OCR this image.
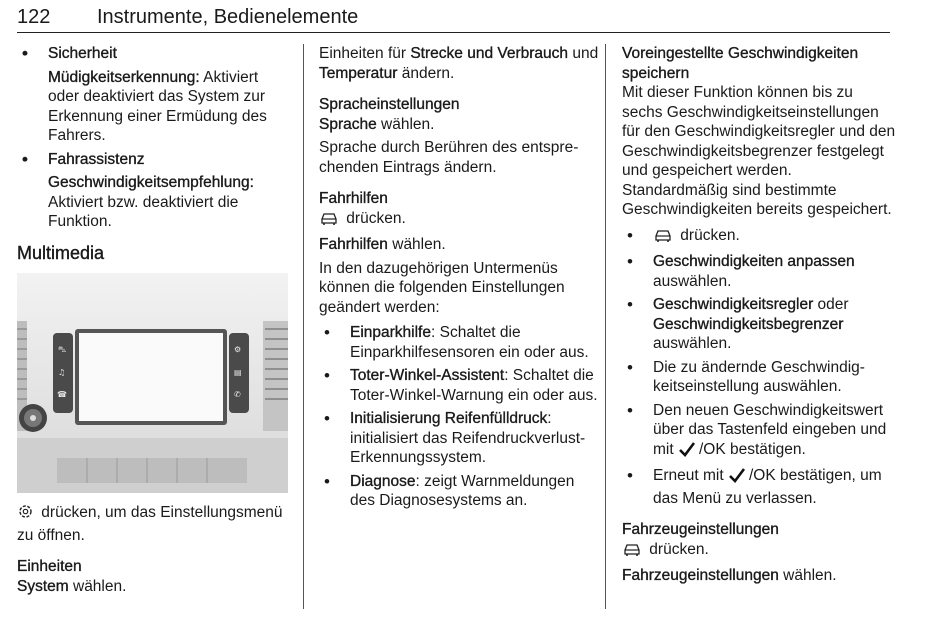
122 Instrumente, Bedienelemente

• Sicherheit

Müdigkeitserkennung: Aktiviert oder deaktiviert das System zur Erkennung einer Ermüdung des Fahrers.

• Fahrassistenz

Geschwindigkeitsempfehlung: Aktiviert bzw. deaktiviert die Funktion.

Multimedia

⛍
♫
☎
⚙
▤
✆

drücken, um das Einstellungsmenü zu öffnen.

Einheiten

System wählen.

Einheiten für Strecke und Verbrauch und Temperatur ändern.

Spracheinstellungen

Sprache wählen.

Sprache durch Berühren des entsprechenden Eintrags ändern.

Fahrhilfen

drücken.

Fahrhilfen wählen.

In den dazugehörigen Untermenüs können die folgenden Einstellungen geändert werden:

• Einparkhilfe: Schaltet die Einparkhilfesensoren ein oder aus.

• Toter-Winkel-Assistent: Schaltet die Toter-Winkel-Warnung ein oder aus.

• Initialisierung Reifenfülldruck: initialisiert das Reifendruckverlust-Erkennungssystem.

• Diagnose: zeigt Warnmeldungen des Diagnosesystems an.

Voreingestellte Geschwindigkeiten speichern

Mit dieser Funktion können bis zu sechs Geschwindigkeitseinstellungen für den Geschwindigkeitsregler und den Geschwindigkeitsbegrenzer festgelegt und gespeichert werden. Standardmäßig sind bestimmte Geschwindigkeiten bereits gespeichert.

• drücken.

• Geschwindigkeiten anpassen auswählen.

• Geschwindigkeitsregler oder Geschwindigkeitsbegrenzer auswählen.

• Die zu ändernde Geschwindigkeitseinstellung auswählen.

• Den neuen Geschwindigkeitswert über das Tastenfeld eingeben und mit /OK bestätigen.

• Erneut mit /OK bestätigen, um das Menü zu verlassen.

Fahrzeugeinstellungen

drücken.

Fahrzeugeinstellungen wählen.
